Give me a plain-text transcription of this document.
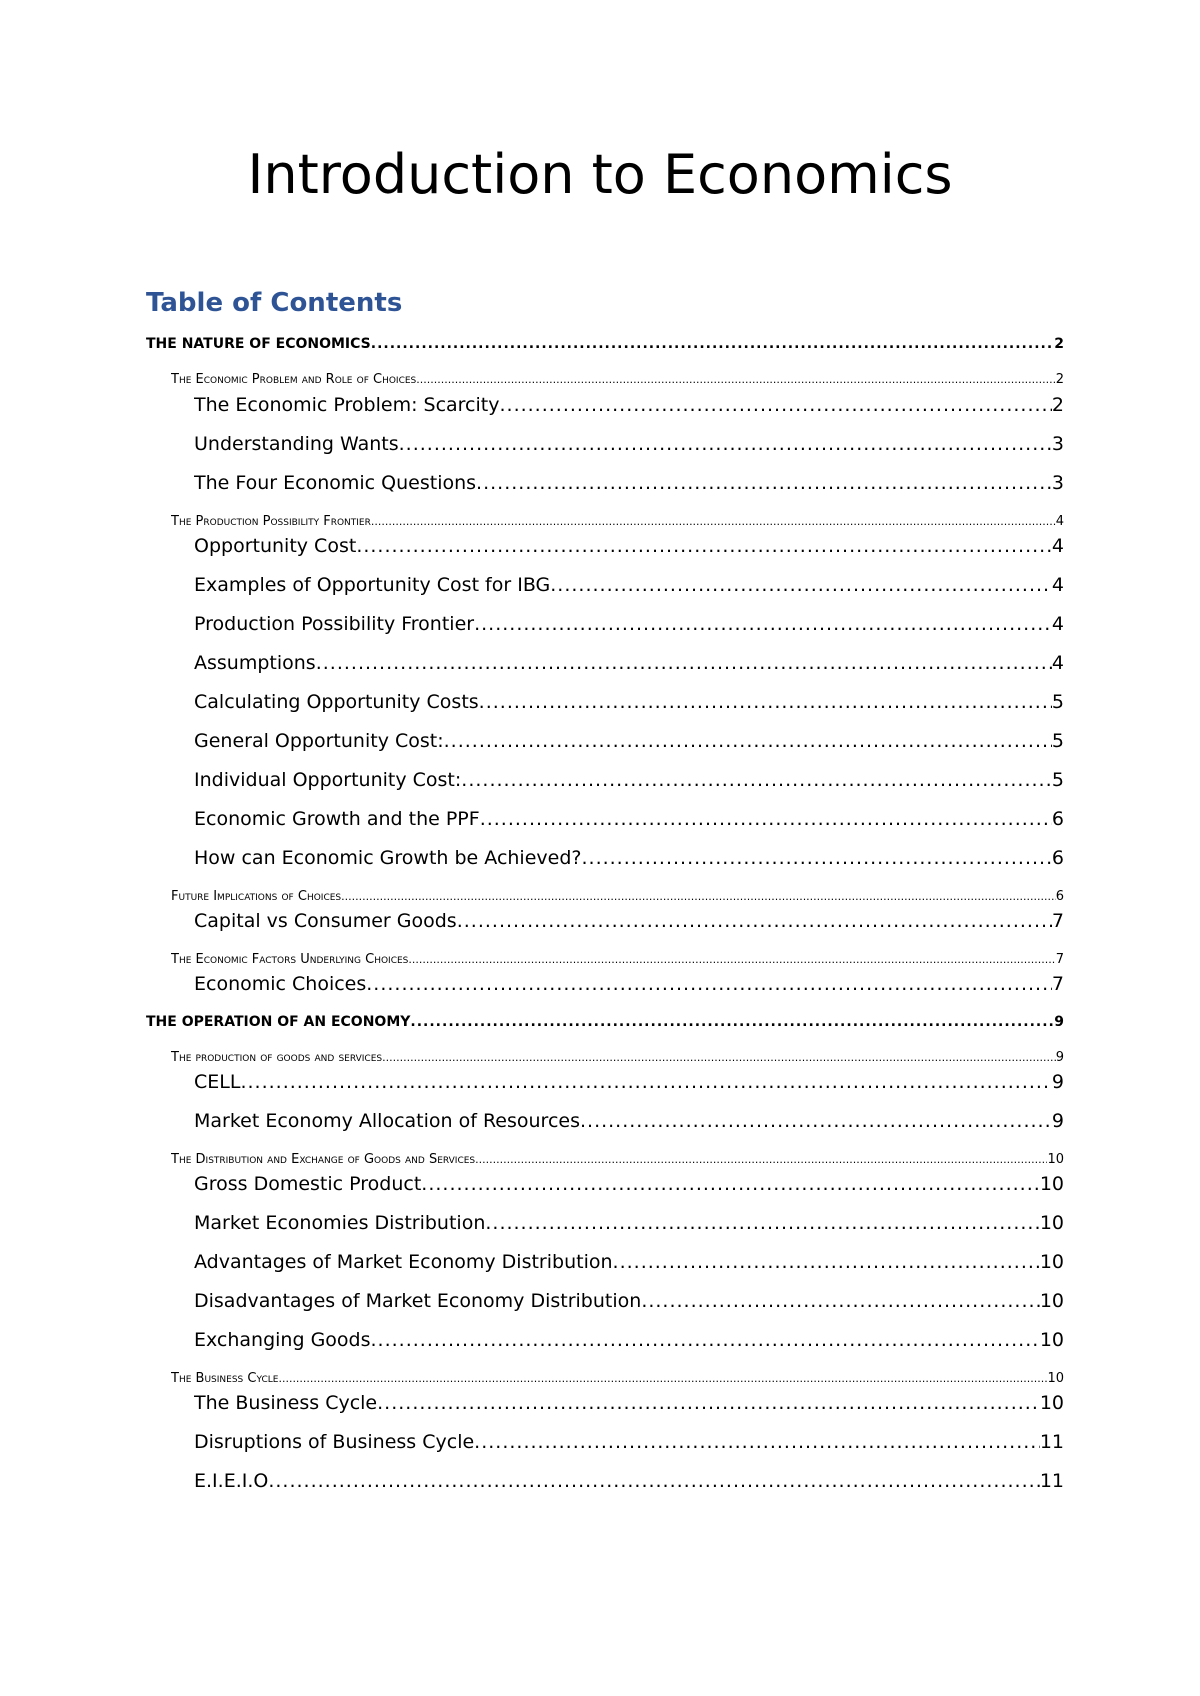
Introduction to Economics
Table of Contents
THE NATURE OF ECONOMICS .....	2
The Economic Problem and Role of Choices .....	2
The Economic Problem: Scarcity .....	2
Understanding Wants .....	3
The Four Economic Questions .....	3
The Production Possibility Frontier .....	4
Opportunity Cost .....	4
Examples of Opportunity Cost for IBG .....	4
Production Possibility Frontier .....	4
Assumptions .....	4
Calculating Opportunity Costs .....	5
General Opportunity Cost: .....	5
Individual Opportunity Cost: .....	5
Economic Growth and the PPF .....	6
How can Economic Growth be Achieved? .....	6
Future Implications of Choices .....	6
Capital vs Consumer Goods .....	7
The Economic Factors Underlying Choices .....	7
Economic Choices .....	7
THE OPERATION OF AN ECONOMY .....	9
The production of goods and services .....	9
CELL .....	9
Market Economy Allocation of Resources .....	9
The Distribution and Exchange of Goods and Services .....	10
Gross Domestic Product .....	10
Market Economies Distribution .....	10
Advantages of Market Economy Distribution .....	10
Disadvantages of Market Economy Distribution .....	10
Exchanging Goods .....	10
The Business Cycle .....	10
The Business Cycle .....	10
Disruptions of Business Cycle .....	11
E.I.E.I.O .....	11
